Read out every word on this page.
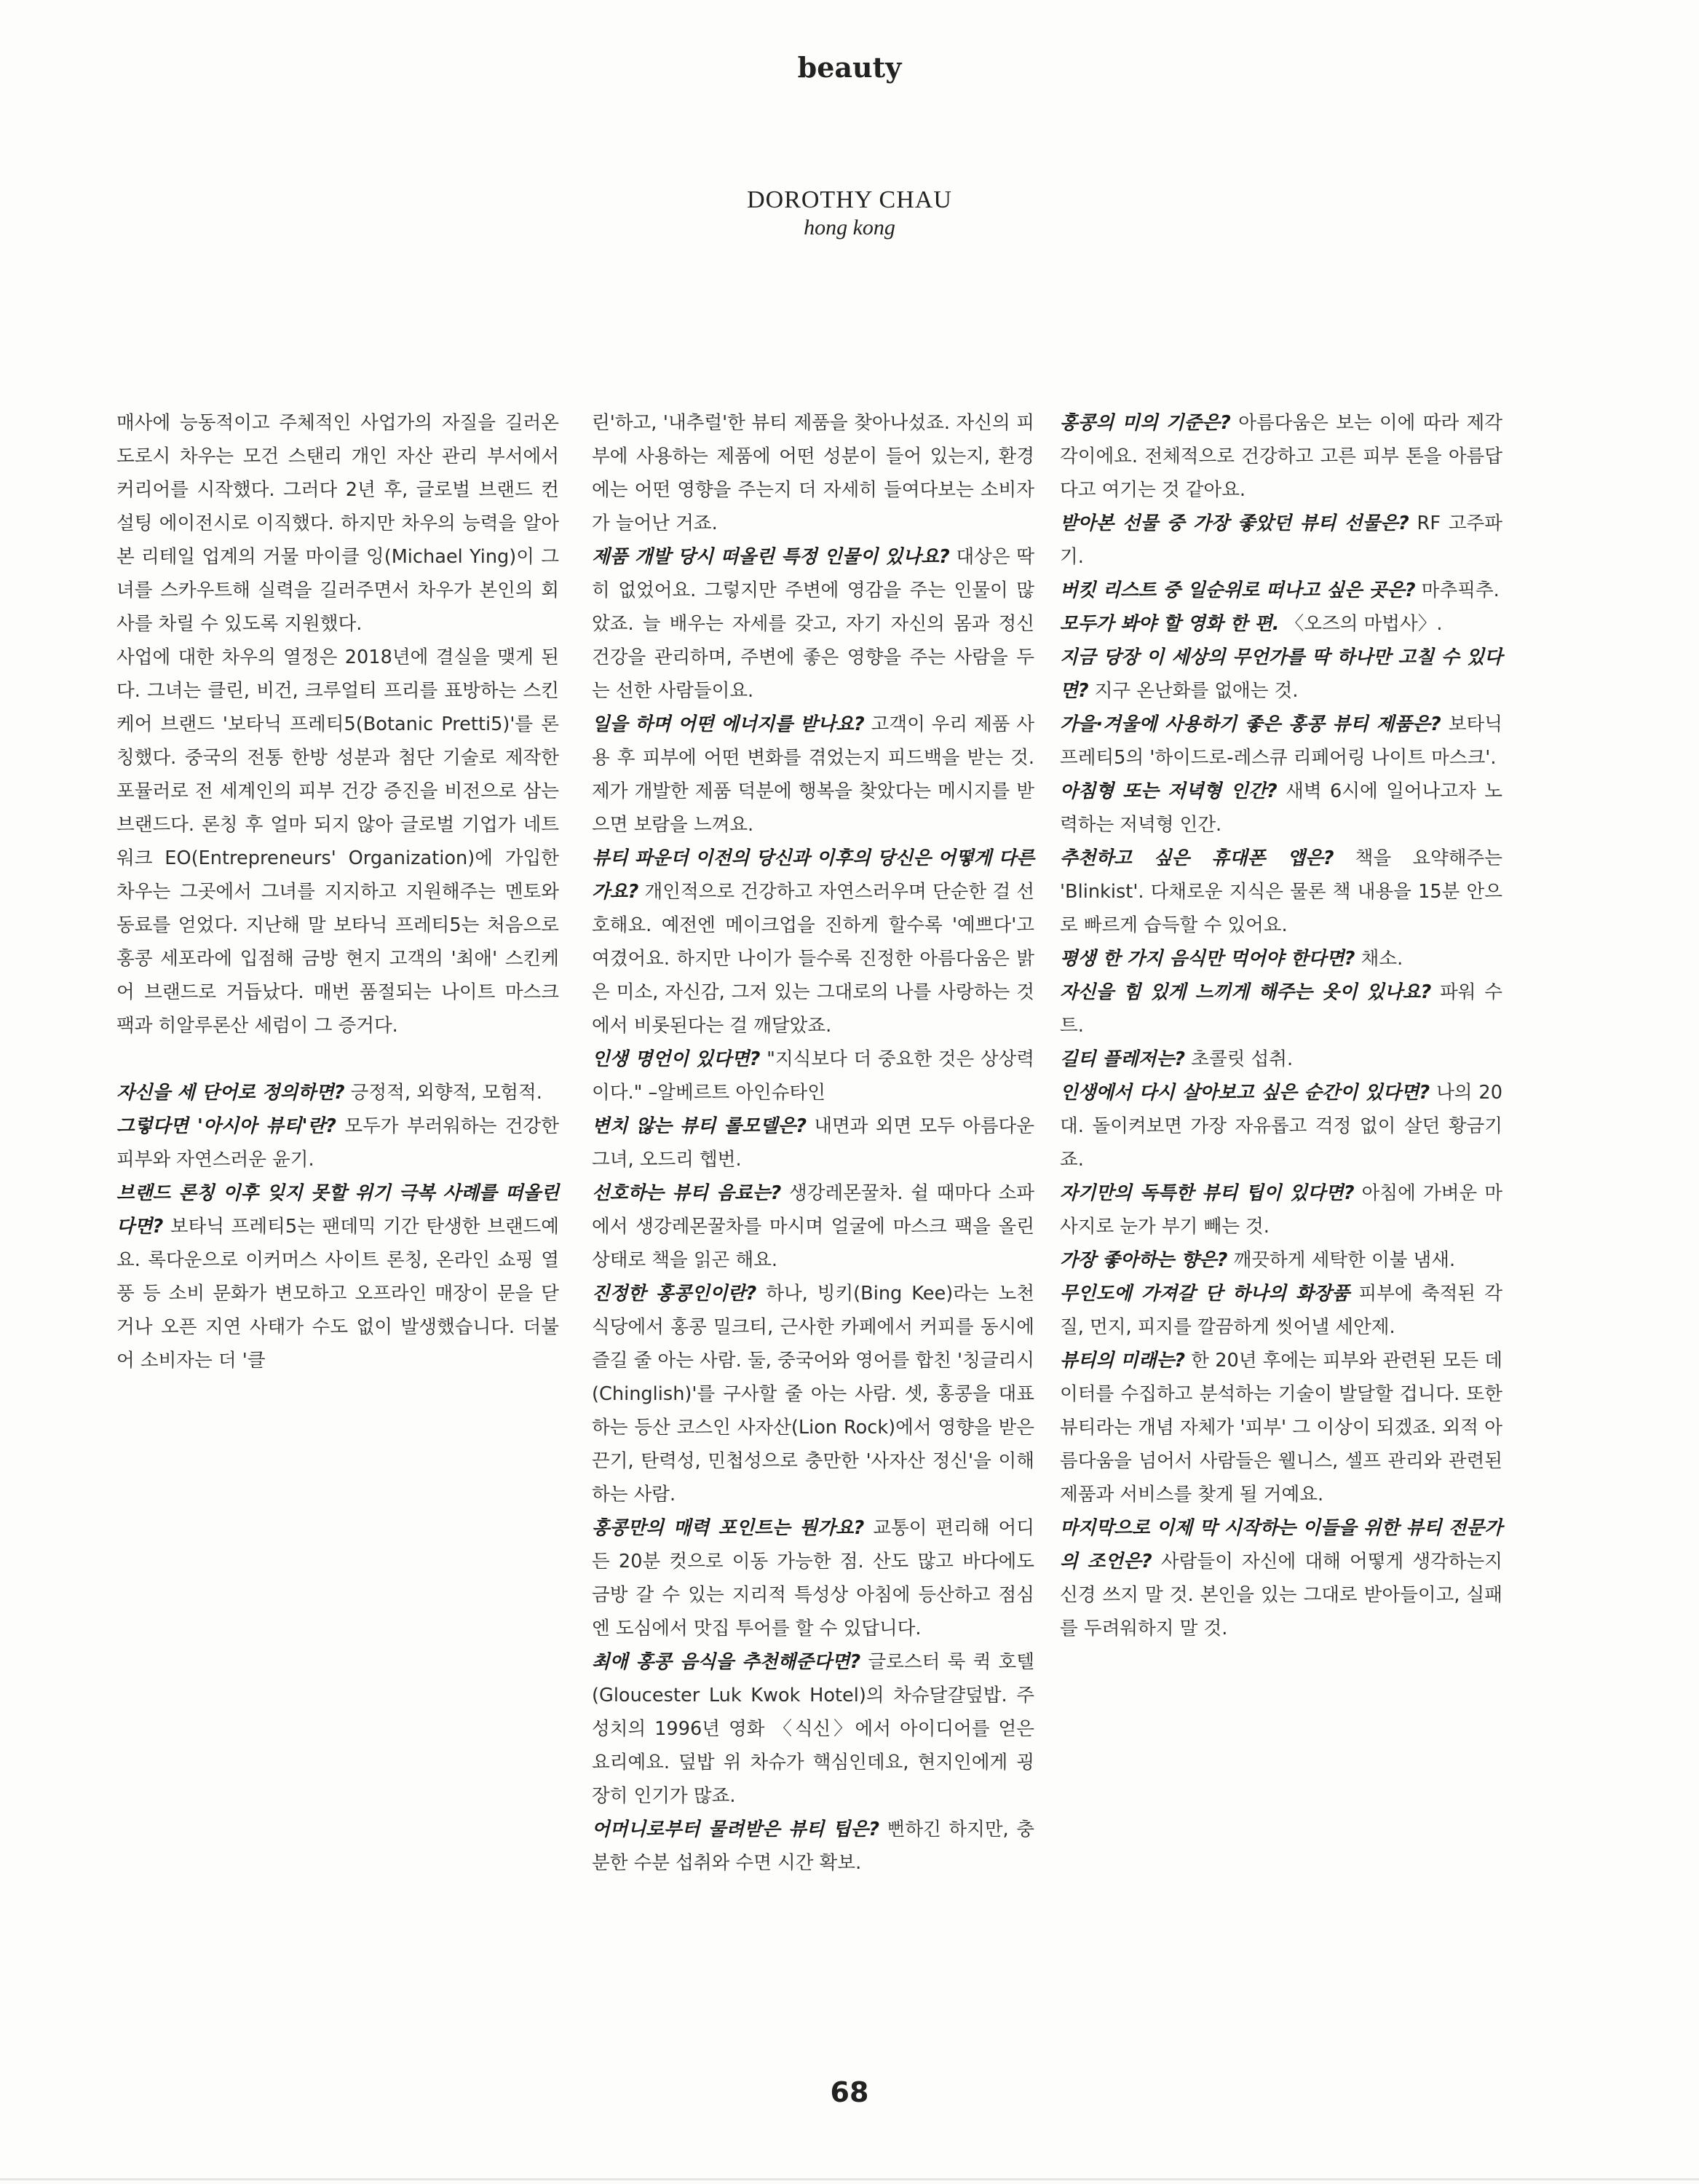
beauty
DOROTHY CHAU
hong kong

매사에 능동적이고 주체적인 사업가의 자질을 길러온 도로시 차우는 모건 스탠리 개인 자산 관리 부서에서 커리어를 시작했다. 그러다 2년 후, 글로벌 브랜드 컨설팅 에이전시로 이직했다. 하지만 차우의 능력을 알아본 리테일 업계의 거물 마이클 잉(Michael Ying)이 그녀를 스카우트해 실력을 길러주면서 차우가 본인의 회사를 차릴 수 있도록 지원했다.

사업에 대한 차우의 열정은 2018년에 결실을 맺게 된다. 그녀는 클린, 비건, 크루얼티 프리를 표방하는 스킨케어 브랜드 '보타닉 프레티5(Botanic Pretti5)'를 론칭했다. 중국의 전통 한방 성분과 첨단 기술로 제작한 포뮬러로 전 세계인의 피부 건강 증진을 비전으로 삼는 브랜드다. 론칭 후 얼마 되지 않아 글로벌 기업가 네트워크 EO(Entrepreneurs' Organization)에 가입한 차우는 그곳에서 그녀를 지지하고 지원해주는 멘토와 동료를 얻었다. 지난해 말 보타닉 프레티5는 처음으로 홍콩 세포라에 입점해 금방 현지 고객의 '최애' 스킨케어 브랜드로 거듭났다. 매번 품절되는 나이트 마스크 팩과 히알루론산 세럼이 그 증거다.

자신을 세 단어로 정의하면? 긍정적, 외향적, 모험적.

그렇다면 '아시아 뷰티'란? 모두가 부러워하는 건강한 피부와 자연스러운 윤기.

브랜드 론칭 이후 잊지 못할 위기 극복 사례를 떠올린다면? 보타닉 프레티5는 팬데믹 기간 탄생한 브랜드예요. 록다운으로 이커머스 사이트 론칭, 온라인 쇼핑 열풍 등 소비 문화가 변모하고 오프라인 매장이 문을 닫거나 오픈 지연 사태가 수도 없이 발생했습니다. 더불어 소비자는 더 '클

린'하고, '내추럴'한 뷰티 제품을 찾아나섰죠. 자신의 피부에 사용하는 제품에 어떤 성분이 들어 있는지, 환경에는 어떤 영향을 주는지 더 자세히 들여다보는 소비자가 늘어난 거죠.

제품 개발 당시 떠올린 특정 인물이 있나요? 대상은 딱히 없었어요. 그렇지만 주변에 영감을 주는 인물이 많았죠. 늘 배우는 자세를 갖고, 자기 자신의 몸과 정신 건강을 관리하며, 주변에 좋은 영향을 주는 사람을 두는 선한 사람들이요.

일을 하며 어떤 에너지를 받나요? 고객이 우리 제품 사용 후 피부에 어떤 변화를 겪었는지 피드백을 받는 것. 제가 개발한 제품 덕분에 행복을 찾았다는 메시지를 받으면 보람을 느껴요.

뷰티 파운더 이전의 당신과 이후의 당신은 어떻게 다른가요? 개인적으로 건강하고 자연스러우며 단순한 걸 선호해요. 예전엔 메이크업을 진하게 할수록 '예쁘다'고 여겼어요. 하지만 나이가 들수록 진정한 아름다움은 밝은 미소, 자신감, 그저 있는 그대로의 나를 사랑하는 것에서 비롯된다는 걸 깨달았죠.

인생 명언이 있다면? "지식보다 더 중요한 것은 상상력이다." –알베르트 아인슈타인

변치 않는 뷰티 롤모델은? 내면과 외면 모두 아름다운 그녀, 오드리 헵번.

선호하는 뷰티 음료는? 생강레몬꿀차. 쉴 때마다 소파에서 생강레몬꿀차를 마시며 얼굴에 마스크 팩을 올린 상태로 책을 읽곤 해요.

진정한 홍콩인이란? 하나, 빙키(Bing Kee)라는 노천 식당에서 홍콩 밀크티, 근사한 카페에서 커피를 동시에 즐길 줄 아는 사람. 둘, 중국어와 영어를 합친 '칭글리시(Chinglish)'를 구사할 줄 아는 사람. 셋, 홍콩을 대표하는 등산 코스인 사자산(Lion Rock)에서 영향을 받은 끈기, 탄력성, 민첩성으로 충만한 '사자산 정신'을 이해하는 사람.

홍콩만의 매력 포인트는 뭔가요? 교통이 편리해 어디든 20분 컷으로 이동 가능한 점. 산도 많고 바다에도 금방 갈 수 있는 지리적 특성상 아침에 등산하고 점심엔 도심에서 맛집 투어를 할 수 있답니다.

최애 홍콩 음식을 추천해준다면? 글로스터 룩 퀵 호텔(Gloucester Luk Kwok Hotel)의 차슈달걀덮밥. 주성치의 1996년 영화 〈식신〉에서 아이디어를 얻은 요리예요. 덮밥 위 차슈가 핵심인데요, 현지인에게 굉장히 인기가 많죠.

어머니로부터 물려받은 뷰티 팁은? 뻔하긴 하지만, 충분한 수분 섭취와 수면 시간 확보.

홍콩의 미의 기준은? 아름다움은 보는 이에 따라 제각각이에요. 전체적으로 건강하고 고른 피부 톤을 아름답다고 여기는 것 같아요.

받아본 선물 중 가장 좋았던 뷰티 선물은? RF 고주파기.

버킷 리스트 중 일순위로 떠나고 싶은 곳은? 마추픽추.

모두가 봐야 할 영화 한 편. 〈오즈의 마법사〉.

지금 당장 이 세상의 무언가를 딱 하나만 고칠 수 있다면? 지구 온난화를 없애는 것.

가을·겨울에 사용하기 좋은 홍콩 뷰티 제품은? 보타닉 프레티5의 '하이드로-레스큐 리페어링 나이트 마스크'.

아침형 또는 저녁형 인간? 새벽 6시에 일어나고자 노력하는 저녁형 인간.

추천하고 싶은 휴대폰 앱은? 책을 요약해주는 'Blinkist'. 다채로운 지식은 물론 책 내용을 15분 안으로 빠르게 습득할 수 있어요.

평생 한 가지 음식만 먹어야 한다면? 채소.

자신을 힘 있게 느끼게 해주는 옷이 있나요? 파워 수트.

길티 플레저는? 초콜릿 섭취.

인생에서 다시 살아보고 싶은 순간이 있다면? 나의 20대. 돌이켜보면 가장 자유롭고 걱정 없이 살던 황금기죠.

자기만의 독특한 뷰티 팁이 있다면? 아침에 가벼운 마사지로 눈가 부기 빼는 것.

가장 좋아하는 향은? 깨끗하게 세탁한 이불 냄새.

무인도에 가져갈 단 하나의 화장품 피부에 축적된 각질, 먼지, 피지를 깔끔하게 씻어낼 세안제.

뷰티의 미래는? 한 20년 후에는 피부와 관련된 모든 데이터를 수집하고 분석하는 기술이 발달할 겁니다. 또한 뷰티라는 개념 자체가 '피부' 그 이상이 되겠죠. 외적 아름다움을 넘어서 사람들은 웰니스, 셀프 관리와 관련된 제품과 서비스를 찾게 될 거예요.

마지막으로 이제 막 시작하는 이들을 위한 뷰티 전문가의 조언은? 사람들이 자신에 대해 어떻게 생각하는지 신경 쓰지 말 것. 본인을 있는 그대로 받아들이고, 실패를 두려워하지 말 것.

68
